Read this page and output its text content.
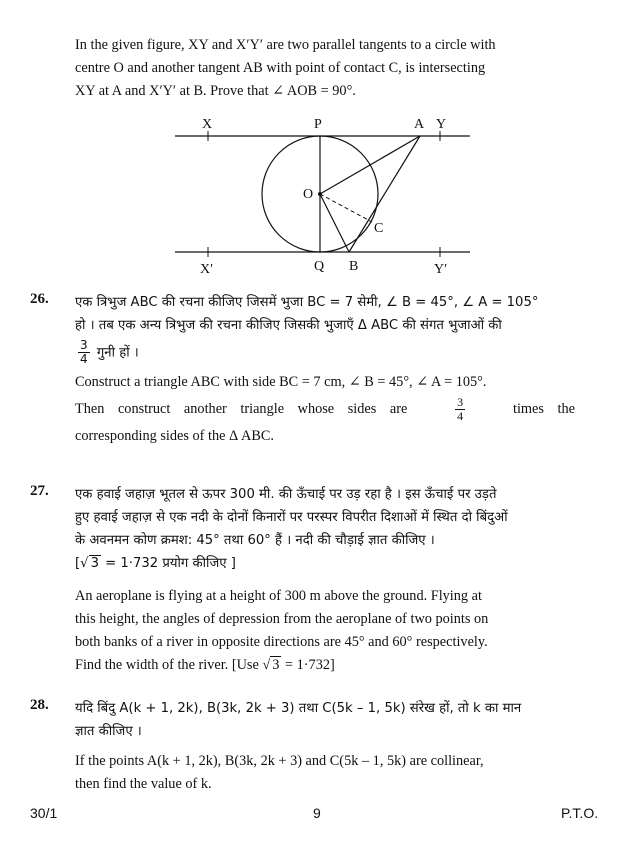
In the given figure, XY and X′Y′ are two parallel tangents to a circle with
centre O and another tangent AB with point of contact C, is intersecting
XY at A and X′Y′ at B. Prove that ∠ AOB = 90°.
X	P	A Y
O
C
X′	Q B	Y′
26. एक त्रिभुज ABC की रचना कीजिए जिसमें भुजा BC = 7 सेमी, ∠ B = 45°, ∠ A = 105°
हो । तब एक अन्य त्रिभुज की रचना कीजिए जिसकी भुजाएँ Δ ABC की संगत भुजाओं की
$\frac{3}{4}$ गुनी हों ।
Construct a triangle ABC with side BC = 7 cm, ∠ B = 45°, ∠ A = 105°.
Then construct another triangle whose sides are	$\frac{3}{4}$	times the
corresponding sides of the Δ ABC.
27. एक हवाई जहाज़ भूतल से ऊपर 300 मी. की ऊँचाई पर उड़ रहा है । इस ऊँचाई पर उड़ते
हुए हवाई जहाज़ से एक नदी के दोनों किनारों पर परस्पर विपरीत दिशाओं में स्थित दो बिंदुओं
के अवनमन कोण क्रमश: 45° तथा 60° हैं । नदी की चौड़ाई ज्ञात कीजिए ।
[√ 3 = 1·732 प्रयोग कीजिए ]
An aeroplane is flying at a height of 300 m above the ground. Flying at
this height, the angles of depression from the aeroplane of two points on
both banks of a river in opposite directions are 45° and 60° respectively.
Find the width of the river. [Use √ 3 = 1·732]
28. यदि बिंदु A(k + 1, 2k), B(3k, 2k + 3) तथा C(5k – 1, 5k) संरेख हों, तो k का मान
ज्ञात कीजिए ।
If the points A(k + 1, 2k), B(3k, 2k + 3) and C(5k – 1, 5k) are collinear,
then find the value of k.
30/1	9	P.T.O.
